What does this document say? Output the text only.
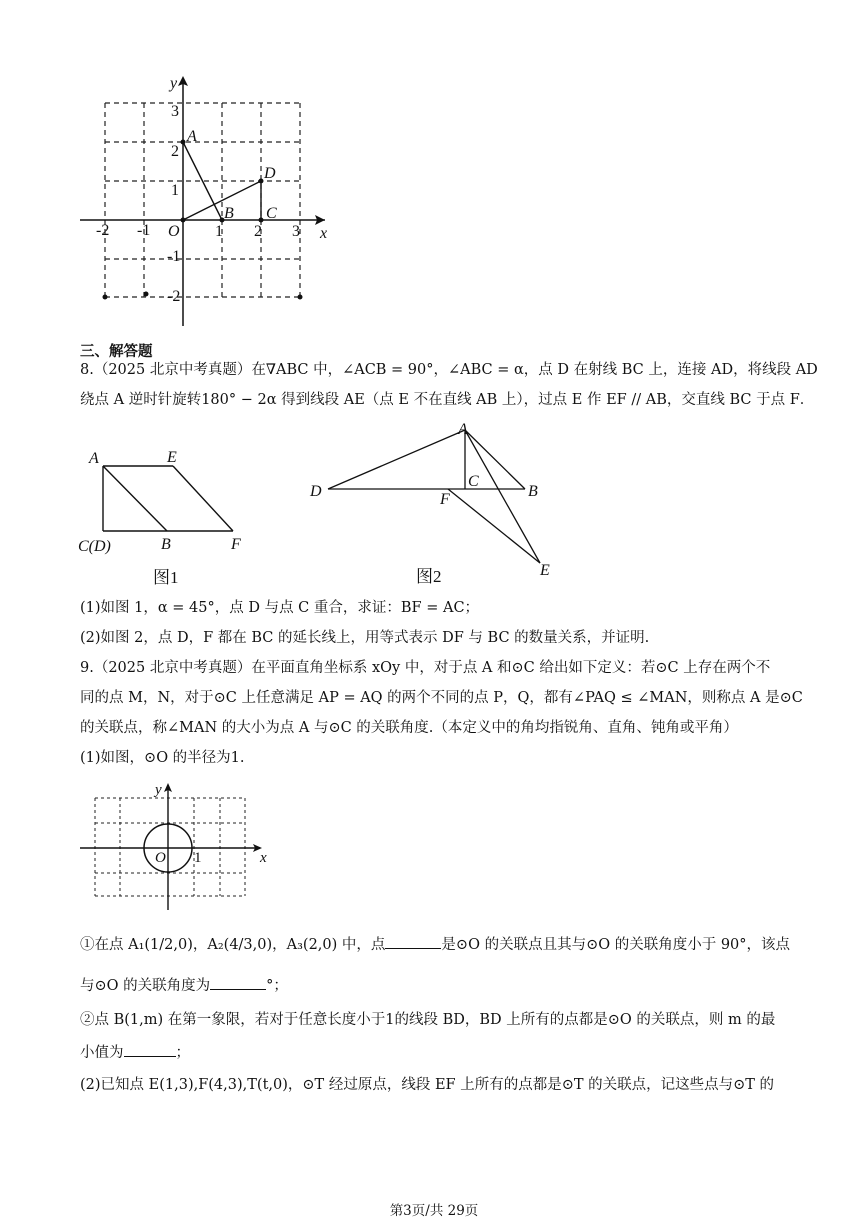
x
y
-2 -1	1 2 3
3
2
1
-1
-2
O
A
B C
D
三、解答题
8.（2025 北京中考真题）在∇ABC 中，∠ACB = 90°，∠ABC = α，点 D 在射线 BC 上，连接 AD，将线段 AD
绕点 A 逆时针旋转180° − 2α 得到线段 AE（点 E 不在直线 AB 上），过点 E 作 EF // AB，交直线 BC 于点 F．
A	E
C(D)	B	F
图1
A
D
C
B
F
E
图2
(1)如图 1，α = 45°，点 D 与点 C 重合，求证：BF = AC；
(2)如图 2，点 D，F 都在 BC 的延长线上，用等式表示 DF 与 BC 的数量关系，并证明.
9.（2025 北京中考真题）在平面直角坐标系 xOy 中，对于点 A 和⊙C 给出如下定义：若⊙C 上存在两个不
同的点 M，N，对于⊙C 上任意满足 AP = AQ 的两个不同的点 P，Q，都有∠PAQ ≤ ∠MAN，则称点 A 是⊙C
的关联点，称∠MAN 的大小为点 A 与⊙C 的关联角度.（本定义中的角均指锐角、直角、钝角或平角）
(1)如图，⊙O 的半径为1.
x
y
O 1
①在点 A₁(1/2,0)，A₂(4/3,0)，A₃(2,0) 中，点	是⊙O 的关联点且其与⊙O 的关联角度小于 90°，该点
与⊙O 的关联角度为	°；
②点 B(1,m) 在第一象限，若对于任意长度小于1的线段 BD，BD 上所有的点都是⊙O 的关联点，则 m 的最
小值为	；
(2)已知点 E(1,3),F(4,3),T(t,0)，⊙T 经过原点，线段 EF 上所有的点都是⊙T 的关联点，记这些点与⊙T 的
第3页/共 29页
